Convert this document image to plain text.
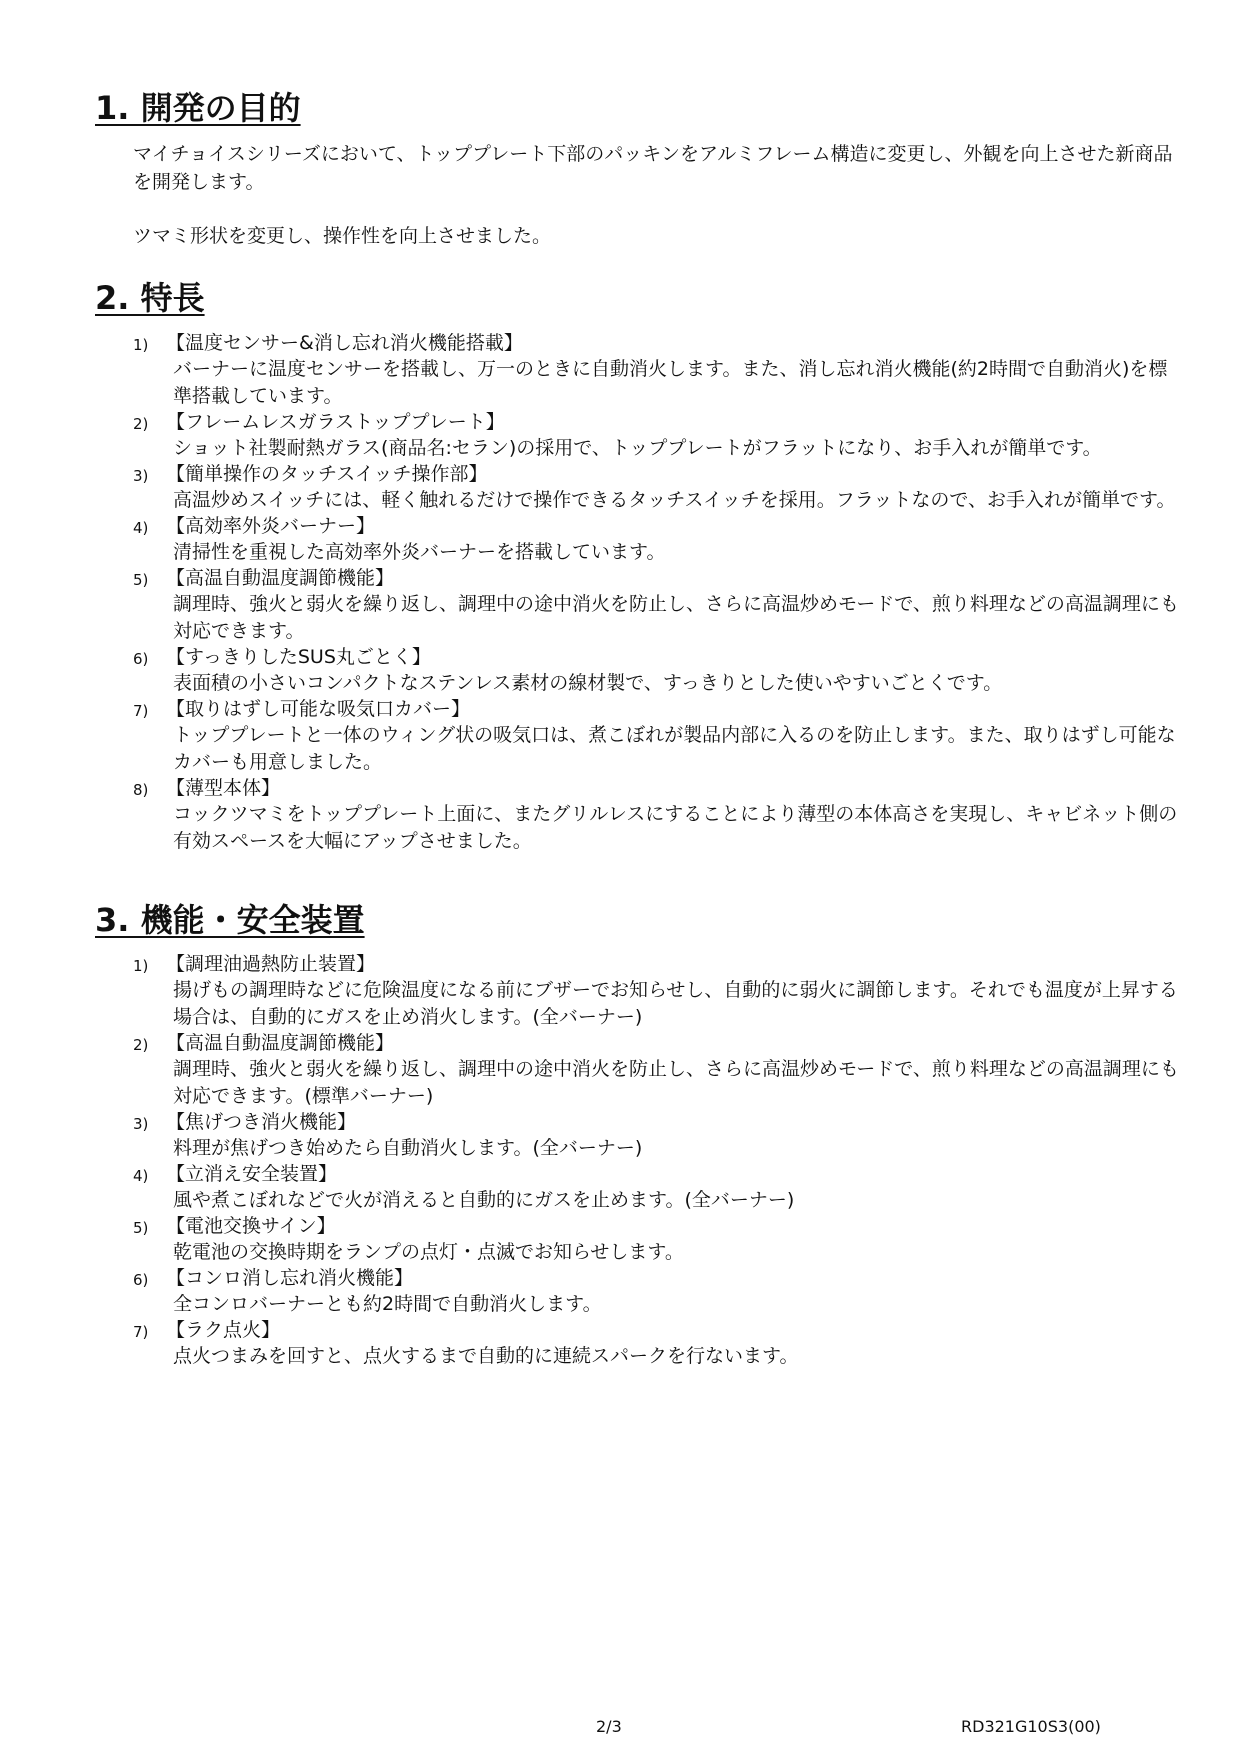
1. 開発の目的

マイチョイスシリーズにおいて、トッププレート下部のパッキンをアルミフレーム構造に変更し、外観を向上させた新商品を開発します。

ツマミ形状を変更し、操作性を向上させました。

2. 特長
1) 【温度センサー&消し忘れ消火機能搭載】
バーナーに温度センサーを搭載し、万一のときに自動消火します。また、消し忘れ消火機能(約2時間で自動消火)を標準搭載しています。
2) 【フレームレスガラストッププレート】
ショット社製耐熱ガラス(商品名:セラン)の採用で、トッププレートがフラットになり、お手入れが簡単です。
3) 【簡単操作のタッチスイッチ操作部】
高温炒めスイッチには、軽く触れるだけで操作できるタッチスイッチを採用。フラットなので、お手入れが簡単です。
4) 【高効率外炎バーナー】
清掃性を重視した高効率外炎バーナーを搭載しています。
5) 【高温自動温度調節機能】
調理時、強火と弱火を繰り返し、調理中の途中消火を防止し、さらに高温炒めモードで、煎り料理などの高温調理にも対応できます。
6) 【すっきりしたSUS丸ごとく】
表面積の小さいコンパクトなステンレス素材の線材製で、すっきりとした使いやすいごとくです。
7) 【取りはずし可能な吸気口カバー】
トッププレートと一体のウィング状の吸気口は、煮こぼれが製品内部に入るのを防止します。また、取りはずし可能なカバーも用意しました。
8) 【薄型本体】
コックツマミをトッププレート上面に、またグリルレスにすることにより薄型の本体高さを実現し、キャビネット側の有効スペースを大幅にアップさせました。
3. 機能・安全装置
1) 【調理油過熱防止装置】
揚げもの調理時などに危険温度になる前にブザーでお知らせし、自動的に弱火に調節します。それでも温度が上昇する場合は、自動的にガスを止め消火します。(全バーナー)
2) 【高温自動温度調節機能】
調理時、強火と弱火を繰り返し、調理中の途中消火を防止し、さらに高温炒めモードで、煎り料理などの高温調理にも対応できます。(標準バーナー)
3) 【焦げつき消火機能】
料理が焦げつき始めたら自動消火します。(全バーナー)
4) 【立消え安全装置】
風や煮こぼれなどで火が消えると自動的にガスを止めます。(全バーナー)
5) 【電池交換サイン】
乾電池の交換時期をランプの点灯・点滅でお知らせします。
6) 【コンロ消し忘れ消火機能】
全コンロバーナーとも約2時間で自動消火します。
7) 【ラク点火】
点火つまみを回すと、点火するまで自動的に連続スパークを行ないます。
2/3	RD321G10S3(00)
